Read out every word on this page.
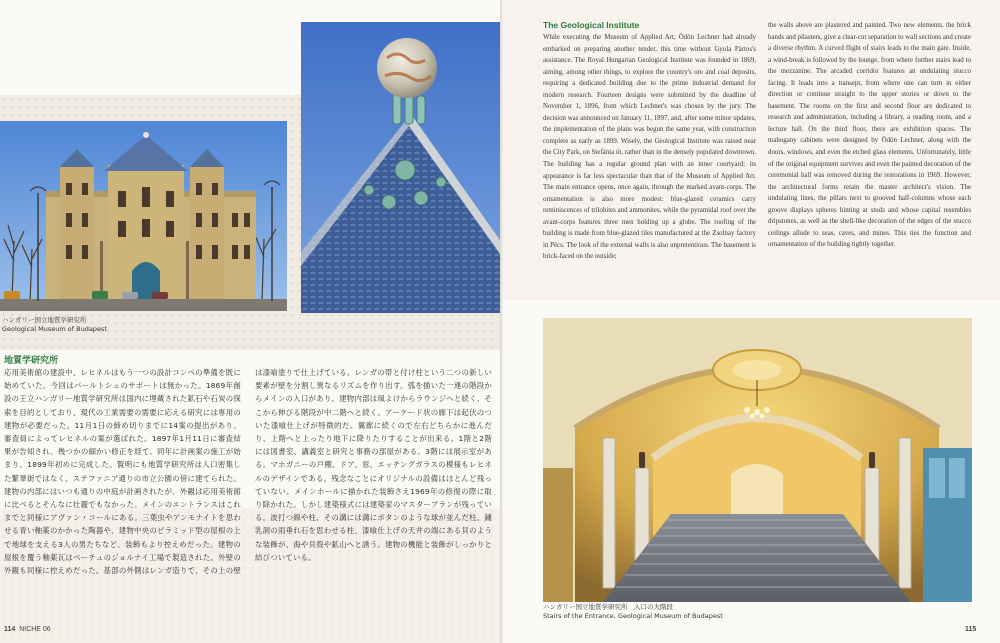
ハンガリー国立地質学研究所
Geological Museum of Budapest
地質学研究所

応用美術館の建設中、レヒネルはもう一つの設計コンペの準備を既に始めていた。今回はパールトシュのサポートは無かった。1869年創設の王立ハンガリー地質学研究所は国内に埋蔵された鉱石や石炭の探索を目的としており、現代の工業需要の需要に応える研究には専用の建物が必要だった。11月1日の締め切りまでに14案の提出があり、審査員によってレヒネルの案が選ばれた。1897年1月11日に審査結果が告知され、幾つかの細かい修正を経て、同年に計画案の施工が始まり、1899年初めに完成した。賢明にも地質学研究所は人口密集した繁華街ではなく、ステファニア通りの市立公園の傍に建てられた。建物の内部にはいつも通りの中庭が計画されたが、外観は応用美術館に比べるとそんなに壮麗でもなかった。メインのエントランスはこれまでと同様にアヴァン・コールにある。三葉虫やアンモナイトを思わせる青い釉薬のかかった陶器や、建物中央のピラミッド型の屋根の上で地球を支える3人の男たちなど、装飾もより控えめだった。建物の屋根を覆う釉薬瓦はペーチュのジョルナイ工場で製造された。外壁の外観も同様に控えめだった。基部の外側はレンガ造りで、その上の壁は漆喰塗りで仕上げている。レンガの帯と付け柱という二つの新しい要素が壁を分割し異なるリズムを作り出す。弧を描いた一連の階段からメインの入口があり、建物内部は風よけからラウンジへと続く、そこから伸びる階段が中二階へと続く。アーケード状の廊下は起伏のついた漆喰仕上げが特徴的だ。翼廊に続くので左右どちらかに進んだり、上階へと上ったり地下に降りたりすることが出来る。1階と2階には図書室、講義室と研究と事務の部屋がある。3階には展示室がある。マホガニーの戸棚、ドア、窓、エッチングガラスの模様もレヒネルのデザインである。残念なことにオリジナルの設備はほとんど残っていない。メインホールに描かれた装飾さえ1969年の修復の際に取り除かれた。しかし建築様式には建築家のマスタープランが残っている。波打つ線や柱、その溝には溝にボタンのような球が並んだ柱、鍾乳洞の雨垂れ石を思わせる柱、漆喰仕上げの天井の端にある貝のような装飾が、海や貝殻や鉱山へと誘う。建物の機能と装飾がしっかりと結びついている。

114 NICHE 06
The Geological Institute

While executing the Museum of Applied Art, Ödön Lechner had already embarked on preparing another tender, this time without Gyula Pártos's assistance. The Royal Hungarian Geological Institute was founded in 1869, aiming, among other things, to explore the country's ore and coal deposits, requiring a dedicated building due to the prime industrial demand for modern research. Fourteen designs were submitted by the deadline of November 1, 1896, from which Lechner's was chosen by the jury. The decision was announced on January 11, 1897, and, after some minor updates, the implementation of the plans was begun the same year, with construction complete as early as 1899. Wisely, the Geological Institute was raised near the City Park, on Stefánia út, rather than in the densely populated downtown. The building has a regular ground plan with an inner courtyard; its appearance is far less spectacular than that of the Museum of Applied Art. The main entrance opens, once again, through the marked avant-corps. The ornamentation is also more modest: blue-glazed ceramics carry reminiscences of trilobites and ammonites, while the pyramidal roof over the avant-corps features three men holding up a globe. The roofing of the building is made from blue-glazed tiles manufactured at the Zsolnay factory in Pécs. The look of the external walls is also unpretentious. The basement is brick-faced on the outside;

the walls above are plastered and painted. Two new elements, the brick bands and pilasters, give a clear-cut separation to wall sections and create a diverse rhythm. A curved flight of stairs leads to the main gate. Inside, a wind-break is followed by the lounge, from where further stairs lead to the mezzanine. The arcaded corridor features an undulating stucco facing. It leads into a transept, from where one can turn in either direction or continue straight to the upper stories or down to the basement. The rooms on the first and second floor are dedicated to research and administration, including a library, a reading room, and a lecture hall. On the third floor, there are exhibition spaces. The mahogany cabinets were designed by Ödön Lechner, along with the doors, windows, and even the etched glass elements. Unfortunately, little of the original equipment survives and even the painted decoration of the ceremonial hall was removed during the restorations in 1969. However, the architectural forms retain the master architect's vision. The undulating lines, the pillars next to grooved half-columns whose each groove displays spheres hinting at studs and whose capital resembles dripstones, as well as the shell-like decoration of the edges of the stucco ceilings allude to seas, caves, and mines. This ties the function and ornamentation of the building tightly together.

ハンガリー国立地質学研究所　入口の大階段
Stairs of the Entrance, Geological Museum of Budapest
115
